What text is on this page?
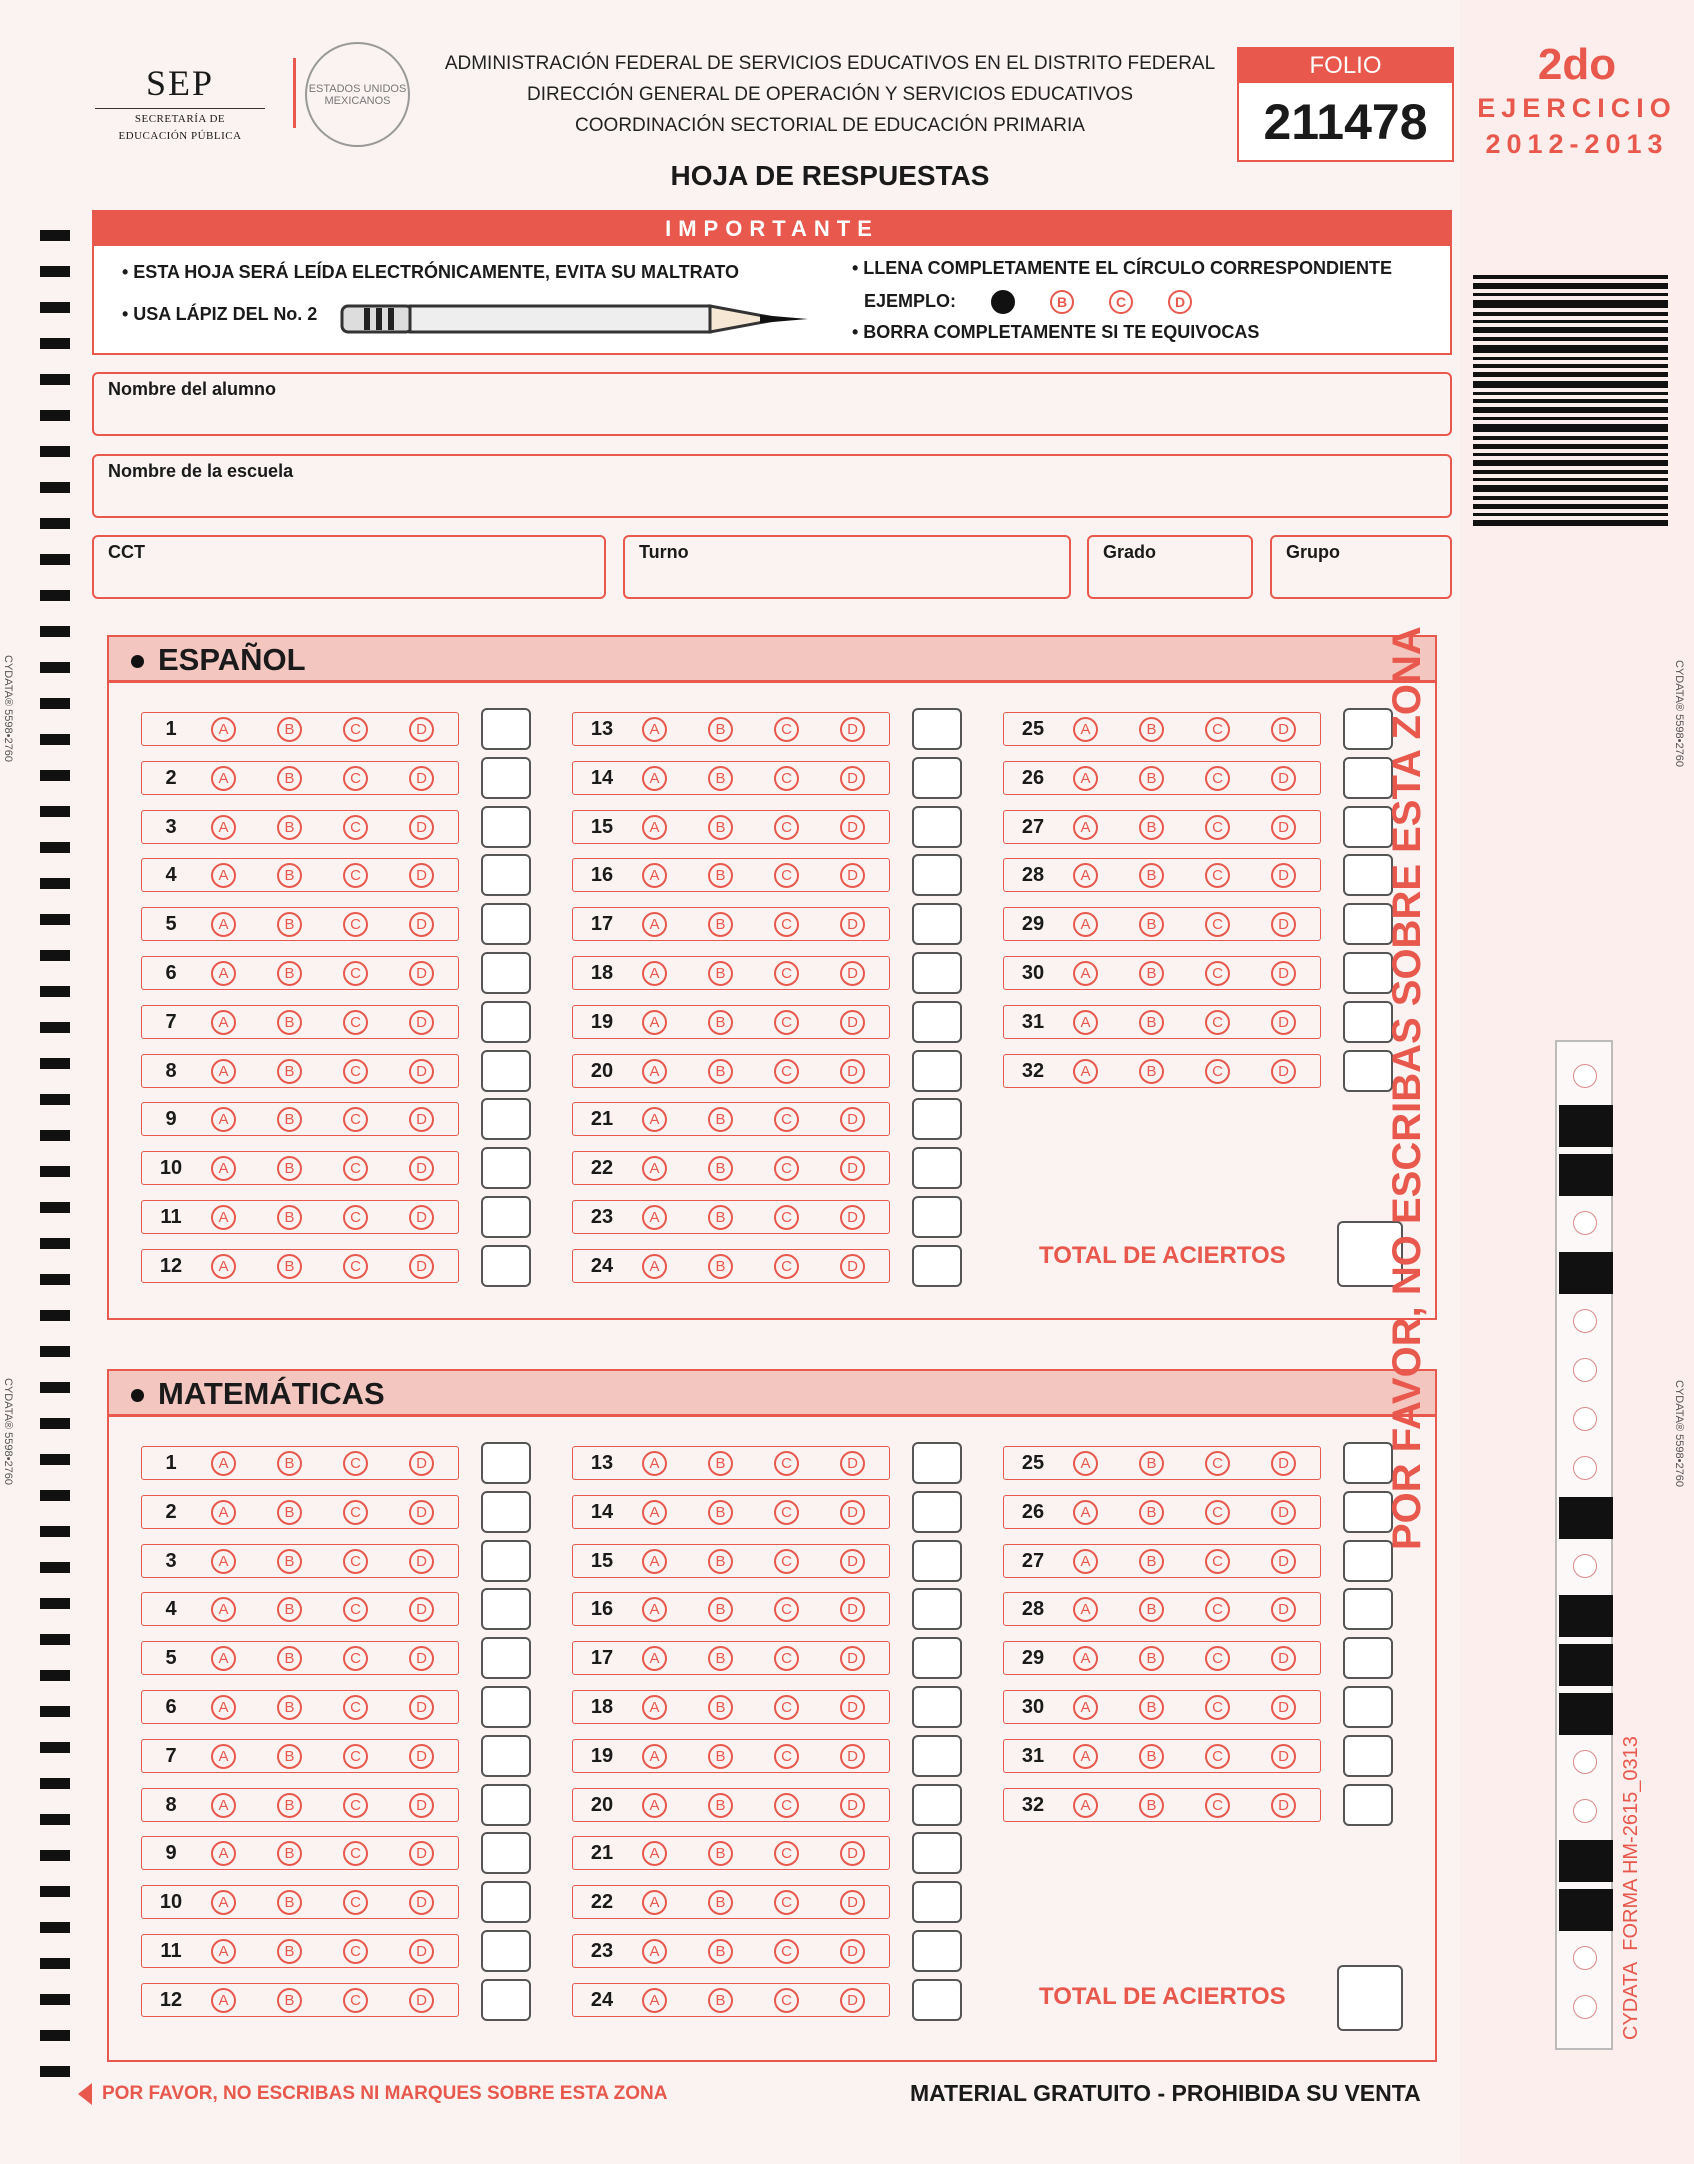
SEP
SECRETARÍA DE
EDUCACIÓN PÚBLICA
ESTADOS UNIDOS MEXICANOS
ADMINISTRACIÓN FEDERAL DE SERVICIOS EDUCATIVOS EN EL DISTRITO FEDERAL
DIRECCIÓN GENERAL DE OPERACIÓN Y SERVICIOS EDUCATIVOS
COORDINACIÓN SECTORIAL DE EDUCACIÓN PRIMARIA
HOJA DE RESPUESTAS
FOLIO
211478
2do
EJERCICIO
2012-2013
IMPORTANTE
• ESTA HOJA SERÁ LEÍDA ELECTRÓNICAMENTE, EVITA SU MALTRATO
• USA LÁPIZ DEL No. 2
• LLENA COMPLETAMENTE EL CÍRCULO CORRESPONDIENTE
EJEMPLO:	B	C	D
• BORRA COMPLETAMENTE SI TE EQUIVOCAS
Nombre del alumno
Nombre de la escuela
CCT	Turno	Grado	Grupo
ESPAÑOL
1	A	B	C	D
2	A	B	C	D
3	A	B	C	D
4	A	B	C	D
5	A	B	C	D
6	A	B	C	D
7	A	B	C	D
8	A	B	C	D
9	A	B	C	D
10	A	B	C	D
11	A	B	C	D
12	A	B	C	D
13	A	B	C	D
14	A	B	C	D
15	A	B	C	D
16	A	B	C	D
17	A	B	C	D
18	A	B	C	D
19	A	B	C	D
20	A	B	C	D
21	A	B	C	D
22	A	B	C	D
23	A	B	C	D
24	A	B	C	D
25	A	B	C	D
26	A	B	C	D
27	A	B	C	D
28	A	B	C	D
29	A	B	C	D
30	A	B	C	D
31	A	B	C	D
32	A	B	C	D
TOTAL DE ACIERTOS
MATEMÁTICAS
1	A	B	C	D
2	A	B	C	D
3	A	B	C	D
4	A	B	C	D
5	A	B	C	D
6	A	B	C	D
7	A	B	C	D
8	A	B	C	D
9	A	B	C	D
10	A	B	C	D
11	A	B	C	D
12	A	B	C	D
13	A	B	C	D
14	A	B	C	D
15	A	B	C	D
16	A	B	C	D
17	A	B	C	D
18	A	B	C	D
19	A	B	C	D
20	A	B	C	D
21	A	B	C	D
22	A	B	C	D
23	A	B	C	D
24	A	B	C	D
25	A	B	C	D
26	A	B	C	D
27	A	B	C	D
28	A	B	C	D
29	A	B	C	D
30	A	B	C	D
31	A	B	C	D
32	A	B	C	D
TOTAL DE ACIERTOS
POR FAVOR, NO ESCRIBAS SOBRE ESTA ZONA
CYDATA  FORMA HM-2615_0313
CYDATA® 5598•2760
CYDATA® 5598•2760
CYDATA® 5598•2760
CYDATA® 5598•2760
POR FAVOR, NO ESCRIBAS NI MARQUES SOBRE ESTA ZONA	MATERIAL GRATUITO - PROHIBIDA SU VENTA
